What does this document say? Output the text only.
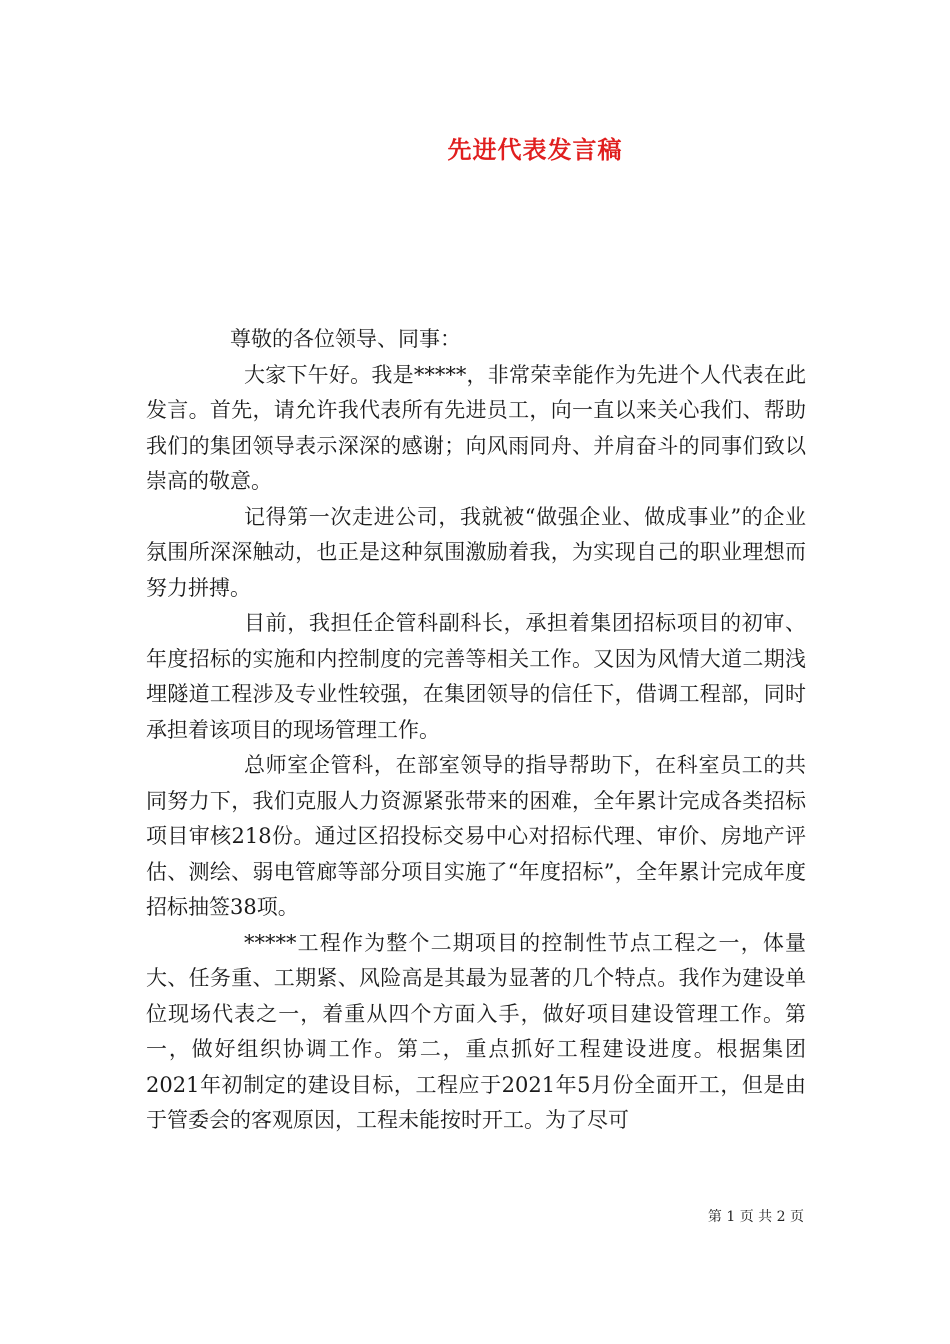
先进代表发言稿

尊敬的各位领导、同事：

大家下午好。我是*****，非常荣幸能作为先进个人代表在此发言。首先，请允许我代表所有先进员工，向一直以来关心我们、帮助我们的集团领导表示深深的感谢；向风雨同舟、并肩奋斗的同事们致以崇高的敬意。

记得第一次走进公司，我就被“做强企业、做成事业”的企业氛围所深深触动，也正是这种氛围激励着我，为实现自己的职业理想而努力拼搏。

目前，我担任企管科副科长，承担着集团招标项目的初审、年度招标的实施和内控制度的完善等相关工作。又因为风情大道二期浅埋隧道工程涉及专业性较强，在集团领导的信任下，借调工程部，同时承担着该项目的现场管理工作。

总师室企管科，在部室领导的指导帮助下，在科室员工的共同努力下，我们克服人力资源紧张带来的困难，全年累计完成各类招标项目审核218份。通过区招投标交易中心对招标代理、审价、房地产评估、测绘、弱电管廊等部分项目实施了“年度招标”，全年累计完成年度招标抽签38项。

*****工程作为整个二期项目的控制性节点工程之一，体量大、任务重、工期紧、风险高是其最为显著的几个特点。我作为建设单位现场代表之一，着重从四个方面入手，做好项目建设管理工作。第一，做好组织协调工作。第二，重点抓好工程建设进度。根据集团2021年初制定的建设目标，工程应于2021年5月份全面开工，但是由于管委会的客观原因，工程未能按时开工。为了尽可

第 1 页 共 2 页
